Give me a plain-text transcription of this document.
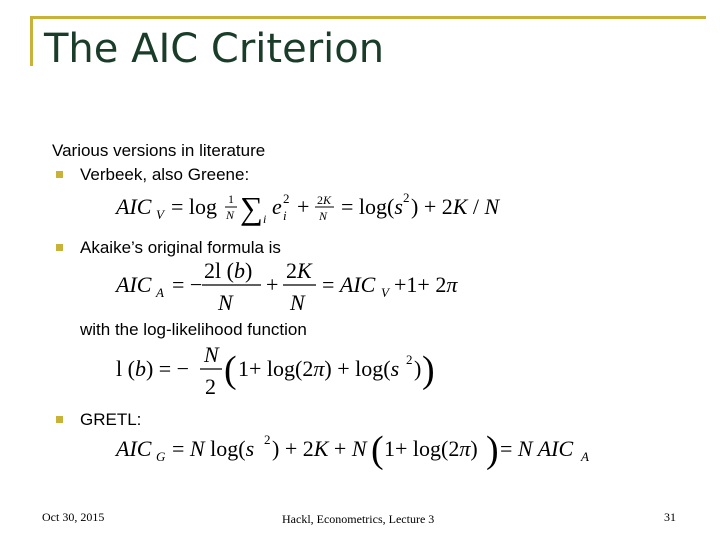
The AIC Criterion
Various versions in literature
Verbeek, also Greene:
AIC V = log 1
N ∑ i e 2
i + 2K
N = log(s 2 ) + 2K / N
Akaike’s original formula is
AIC A = −
2l (b)
N
+
2K
N
= AIC V +1+ 2π
with the log-likelihood function
l (b) = −
N
2 ( 1+ log(2π) + log(s 2 ) )
GRETL:
AIC G = N log(s 2 ) + 2K + N ( 1+ log(2π) ) = N AIC A
Oct 30, 2015	Hackl, Econometrics, Lecture 3	31
